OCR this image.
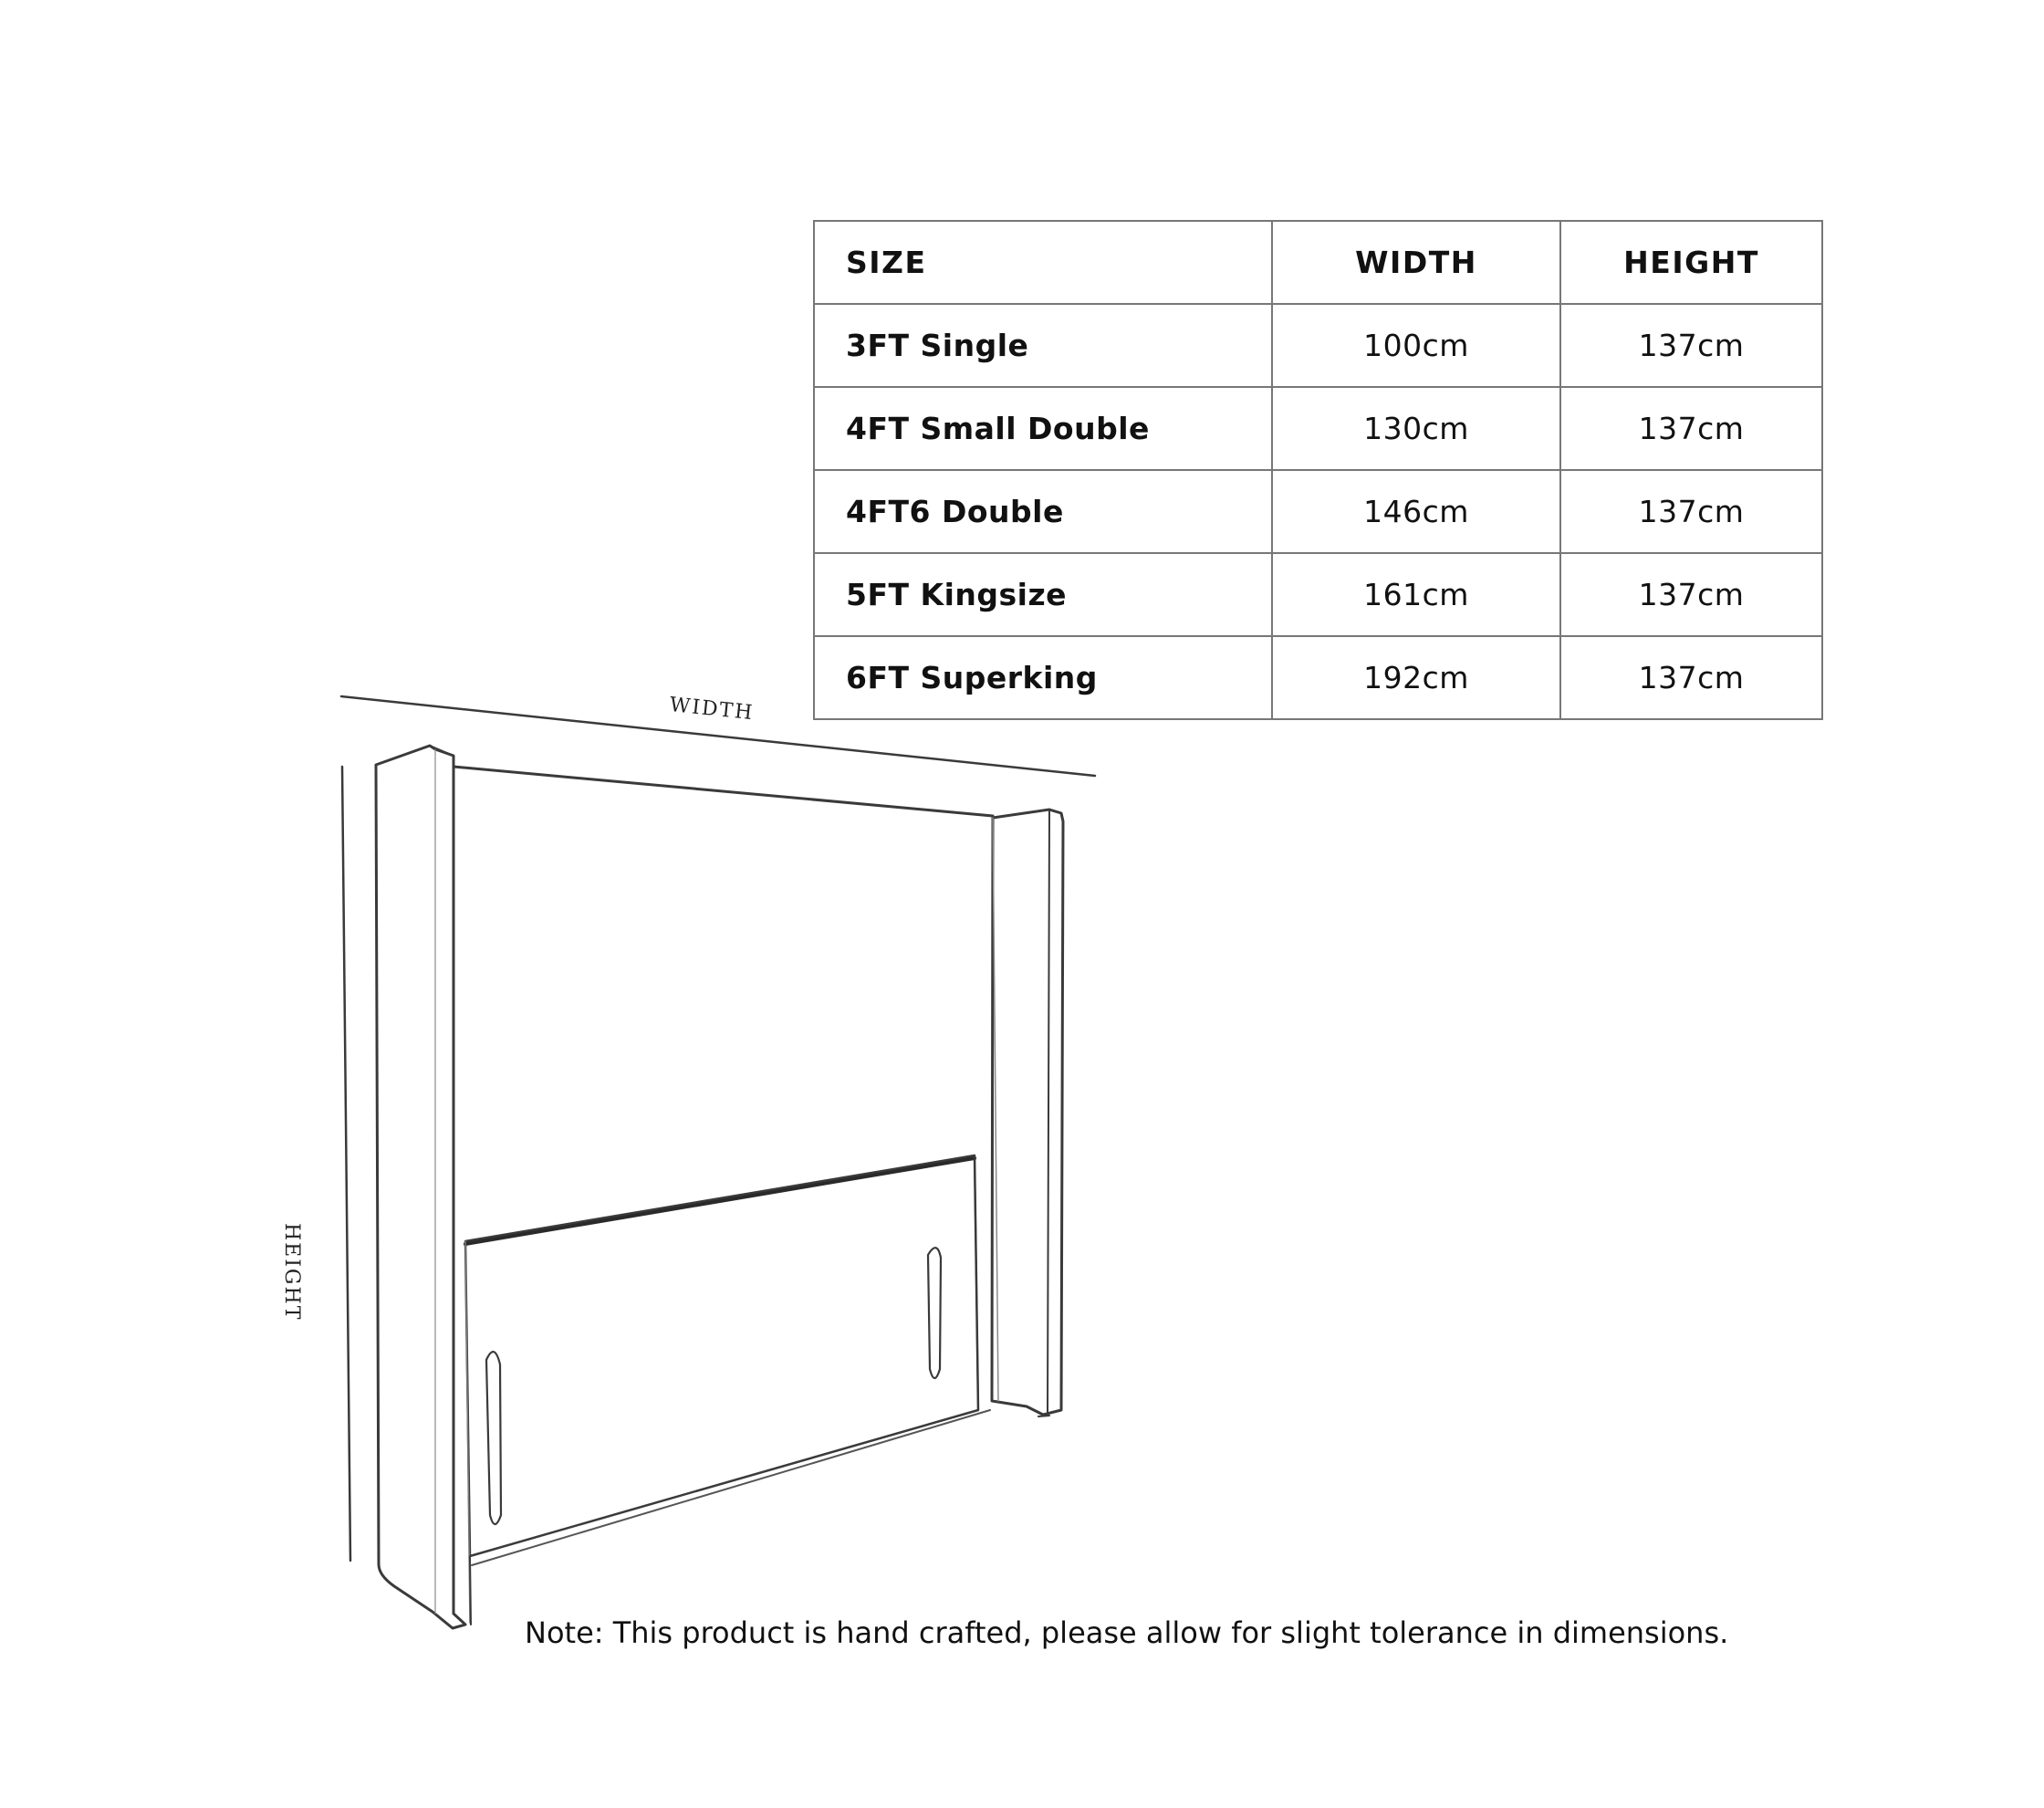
WIDTH
HEIGHT
SIZE	WIDTH	HEIGHT
3FT Single	100cm	137cm
4FT Small Double	130cm	137cm
4FT6 Double	146cm	137cm
5FT Kingsize	161cm	137cm
6FT Superking	192cm	137cm
Note: This product is hand crafted, please allow for slight tolerance in dimensions.
